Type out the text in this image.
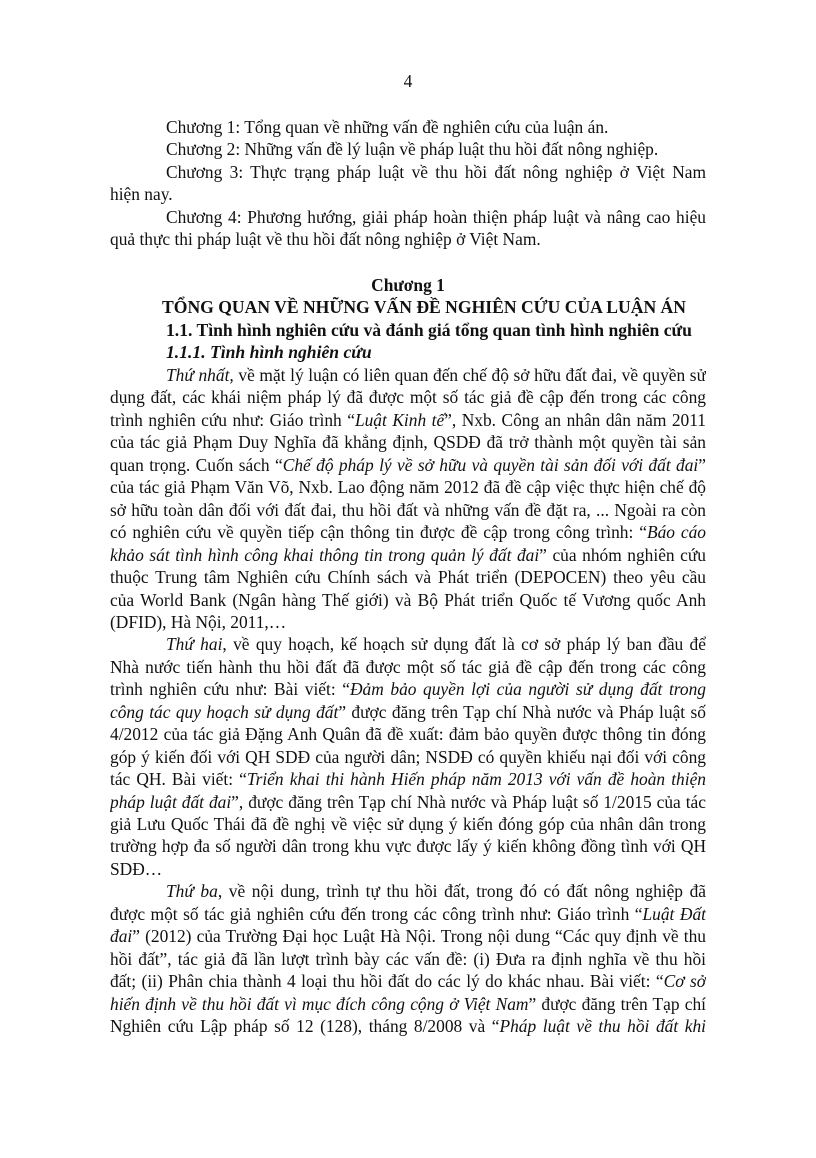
4
Chương 1: Tổng quan về những vấn đề nghiên cứu của luận án.
Chương 2: Những vấn đề lý luận về pháp luật thu hồi đất nông nghiệp.
Chương 3: Thực trạng pháp luật về thu hồi đất nông nghiệp ở Việt Nam
hiện nay.
Chương 4: Phương hướng, giải pháp hoàn thiện pháp luật và nâng cao hiệu
quả thực thi pháp luật về thu hồi đất nông nghiệp ở Việt Nam.
Chương 1
TỔNG QUAN VỀ NHỮNG VẤN ĐỀ NGHIÊN CỨU CỦA LUẬN ÁN
1.1. Tình hình nghiên cứu và đánh giá tổng quan tình hình nghiên cứu
1.1.1. Tình hình nghiên cứu
Thứ nhất, về mặt lý luận có liên quan đến chế độ sở hữu đất đai, về quyền sử
dụng đất, các khái niệm pháp lý đã được một số tác giả đề cập đến trong các công
trình nghiên cứu như: Giáo trình “Luật Kinh tế”, Nxb. Công an nhân dân năm 2011
của tác giả Phạm Duy Nghĩa đã khẳng định, QSDĐ đã trở thành một quyền tài sản
quan trọng. Cuốn sách “Chế độ pháp lý về sở hữu và quyền tài sản đối với đất đai”
của tác giả Phạm Văn Võ, Nxb. Lao động năm 2012 đã đề cập việc thực hiện chế độ
sở hữu toàn dân đối với đất đai, thu hồi đất và những vấn đề đặt ra, ... Ngoài ra còn
có nghiên cứu về quyền tiếp cận thông tin được đề cập trong công trình: “Báo cáo
khảo sát tình hình công khai thông tin trong quản lý đất đai” của nhóm nghiên cứu
thuộc Trung tâm Nghiên cứu Chính sách và Phát triển (DEPOCEN) theo yêu cầu
của World Bank (Ngân hàng Thế giới) và Bộ Phát triển Quốc tế Vương quốc Anh
(DFID), Hà Nội, 2011,…
Thứ hai, về quy hoạch, kế hoạch sử dụng đất là cơ sở pháp lý ban đầu để
Nhà nước tiến hành thu hồi đất đã được một số tác giả đề cập đến trong các công
trình nghiên cứu như: Bài viết: “Đảm bảo quyền lợi của người sử dụng đất trong
công tác quy hoạch sử dụng đất” được đăng trên Tạp chí Nhà nước và Pháp luật số
4/2012 của tác giả Đặng Anh Quân đã đề xuất: đảm bảo quyền được thông tin đóng
góp ý kiến đối với QH SDĐ của người dân; NSDĐ có quyền khiếu nại đối với công
tác QH. Bài viết: “Triển khai thi hành Hiến pháp năm 2013 với vấn đề hoàn thiện
pháp luật đất đai”, được đăng trên Tạp chí Nhà nước và Pháp luật số 1/2015 của tác
giả Lưu Quốc Thái đã đề nghị về việc sử dụng ý kiến đóng góp của nhân dân trong
trường hợp đa số người dân trong khu vực được lấy ý kiến không đồng tình với QH
SDĐ…
Thứ ba, về nội dung, trình tự thu hồi đất, trong đó có đất nông nghiệp đã
được một số tác giả nghiên cứu đến trong các công trình như: Giáo trình “Luật Đất
đai” (2012) của Trường Đại học Luật Hà Nội. Trong nội dung “Các quy định về thu
hồi đất”, tác giả đã lần lượt trình bày các vấn đề: (i) Đưa ra định nghĩa về thu hồi
đất; (ii) Phân chia thành 4 loại thu hồi đất do các lý do khác nhau. Bài viết: “Cơ sở
hiến định về thu hồi đất vì mục đích công cộng ở Việt Nam” được đăng trên Tạp chí
Nghiên cứu Lập pháp số 12 (128), tháng 8/2008 và “Pháp luật về thu hồi đất khi
